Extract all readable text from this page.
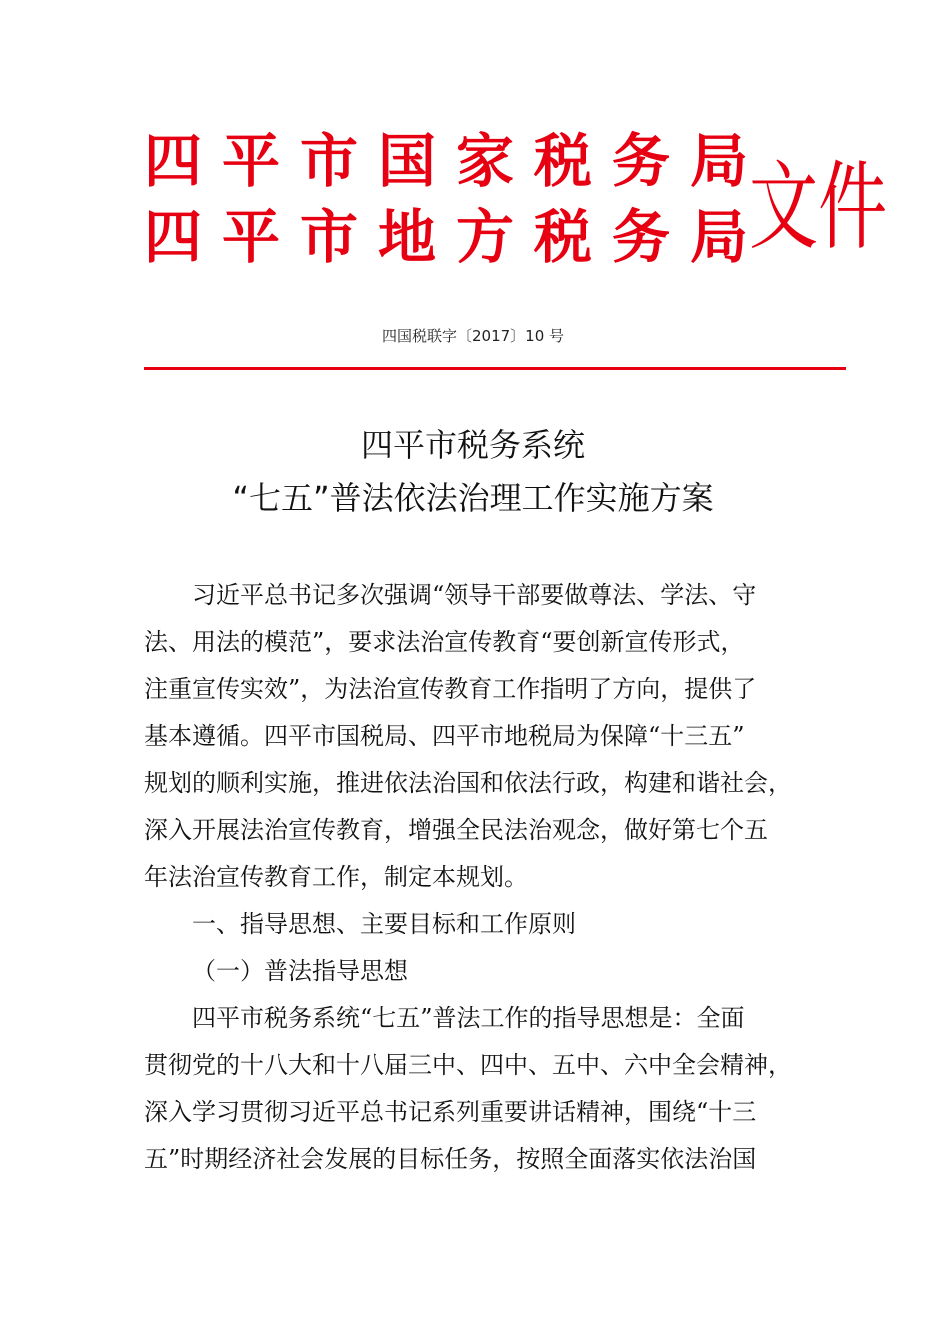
四平市国家税务局
四平市地方税务局
文件
四国税联字〔2017〕10 号
四平市税务系统
“七五”普法依法治理工作实施方案

习近平总书记多次强调“领导干部要做尊法、学法、守
法、用法的模范”，要求法治宣传教育“要创新宣传形式，
注重宣传实效”，为法治宣传教育工作指明了方向，提供了
基本遵循。四平市国税局、四平市地税局为保障“十三五”
规划的顺利实施，推进依法治国和依法行政，构建和谐社会，
深入开展法治宣传教育，增强全民法治观念，做好第七个五
年法治宣传教育工作，制定本规划。

一、指导思想、主要目标和工作原则
（一）普法指导思想

四平市税务系统“七五”普法工作的指导思想是：全面
贯彻党的十八大和十八届三中、四中、五中、六中全会精神，
深入学习贯彻习近平总书记系列重要讲话精神，围绕“十三
五”时期经济社会发展的目标任务，按照全面落实依法治国
